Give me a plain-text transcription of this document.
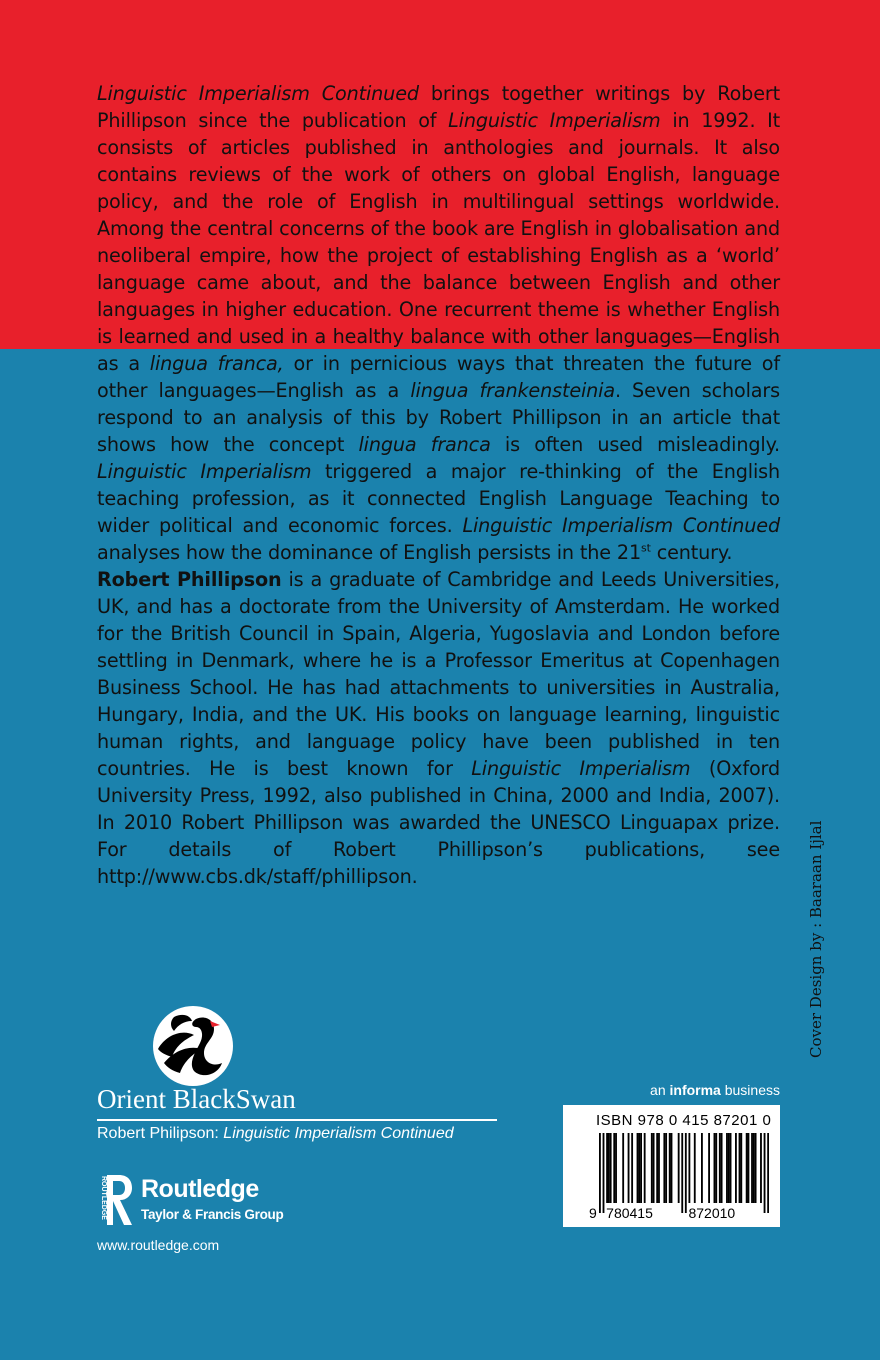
Linguistic Imperialism Continued brings together writings by Robert Phillipson since the publication of Linguistic Imperialism in 1992. It consists of articles published in anthologies and journals. It also contains reviews of the work of others on global English, language policy, and the role of English in multilingual settings worldwide. Among the central concerns of the book are English in globalisation and neoliberal empire, how the project of establishing English as a ‘world’ language came about, and the balance between English and other languages in higher education. One recurrent theme is whether English is learned and used in a healthy balance with other languages—English as a lingua franca, or in pernicious ways that threaten the future of other languages—English as a lingua frankensteinia. Seven scholars respond to an analysis of this by Robert Phillipson in an article that shows how the concept lingua franca is often used misleadingly. Linguistic Imperialism triggered a major re-thinking of the English teaching profession, as it connected English Language Teaching to wider political and economic forces. Linguistic Imperialism Continued analyses how the dominance of English persists in the 21st century.

Robert Phillipson is a graduate of Cambridge and Leeds Universities, UK, and has a doctorate from the University of Amsterdam. He worked for the British Council in Spain, Algeria, Yugoslavia and London before settling in Denmark, where he is a Professor Emeritus at Copenhagen Business School. He has had attachments to universities in Australia, Hungary, India, and the UK. His books on language learning, linguistic human rights, and language policy have been published in ten countries. He is best known for Linguistic Imperialism (Oxford University Press, 1992, also published in China, 2000 and India, 2007). In 2010 Robert Phillipson was awarded the UNESCO Linguapax prize. For details of Robert Phillipson’s publications, see http://www.cbs.dk/staff/phillipson.	Cover Design by : Baaraan Ijlal
Orient BlackSwan
Robert Philipson: Linguistic Imperialism Continued
ROUTLEDGE Routledge
Taylor & Francis Group
www.routledge.com
an informa business
ISBN 978 0 415 87201 0
9 780415	872010
